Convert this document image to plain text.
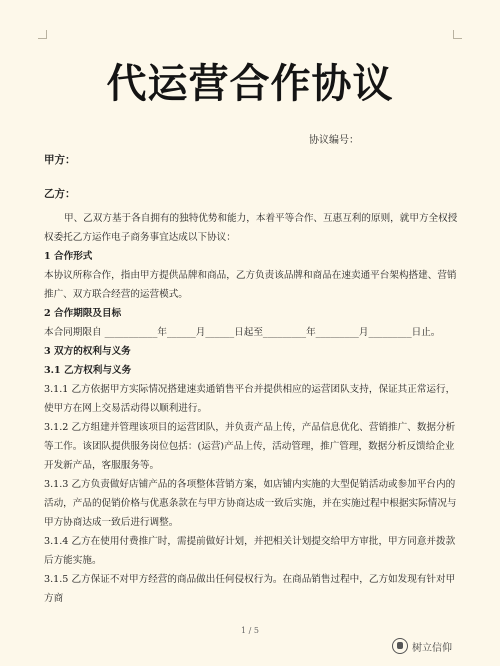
代运营合作协议
协议编号：
甲方：
乙方：

甲、乙双方基于各自拥有的独特优势和能力，本着平等合作、互惠互利的原则，就甲方全权授权委托乙方运作电子商务事宜达成以下协议：

1 合作形式

本协议所称合作，指由甲方提供品牌和商品，乙方负责该品牌和商品在速卖通平台架构搭建、营销推广、双方联合经营的运营模式。

2 合作期限及目标

本合同期限自 ___________年______月______日起至_________年_________月_________日止。

3 双方的权利与义务

3.1 乙方权利与义务

3.1.1 乙方依据甲方实际情况搭建速卖通销售平台并提供相应的运营团队支持，保证其正常运行，使甲方在网上交易活动得以顺利进行。

3.1.2 乙方组建并管理该项目的运营团队，并负责产品上传，产品信息优化、营销推广、数据分析等工作。该团队提供服务岗位包括：(运营)产品上传，活动管理，推广管理，数据分析反馈给企业开发新产品，客服服务等。

3.1.3 乙方负责做好店铺产品的各项整体营销方案，如店铺内实施的大型促销活动或参加平台内的活动，产品的促销价格与优惠条款在与甲方协商达成一致后实施，并在实施过程中根据实际情况与甲方协商达成一致后进行调整。

3.1.4 乙方在使用付费推广时，需提前做好计划，并把相关计划提交给甲方审批，甲方同意并拨款后方能实施。

3.1.5 乙方保证不对甲方经营的商品做出任何侵权行为。在商品销售过程中，乙方如发现有针对甲方商

1 / 5
树立信仰
